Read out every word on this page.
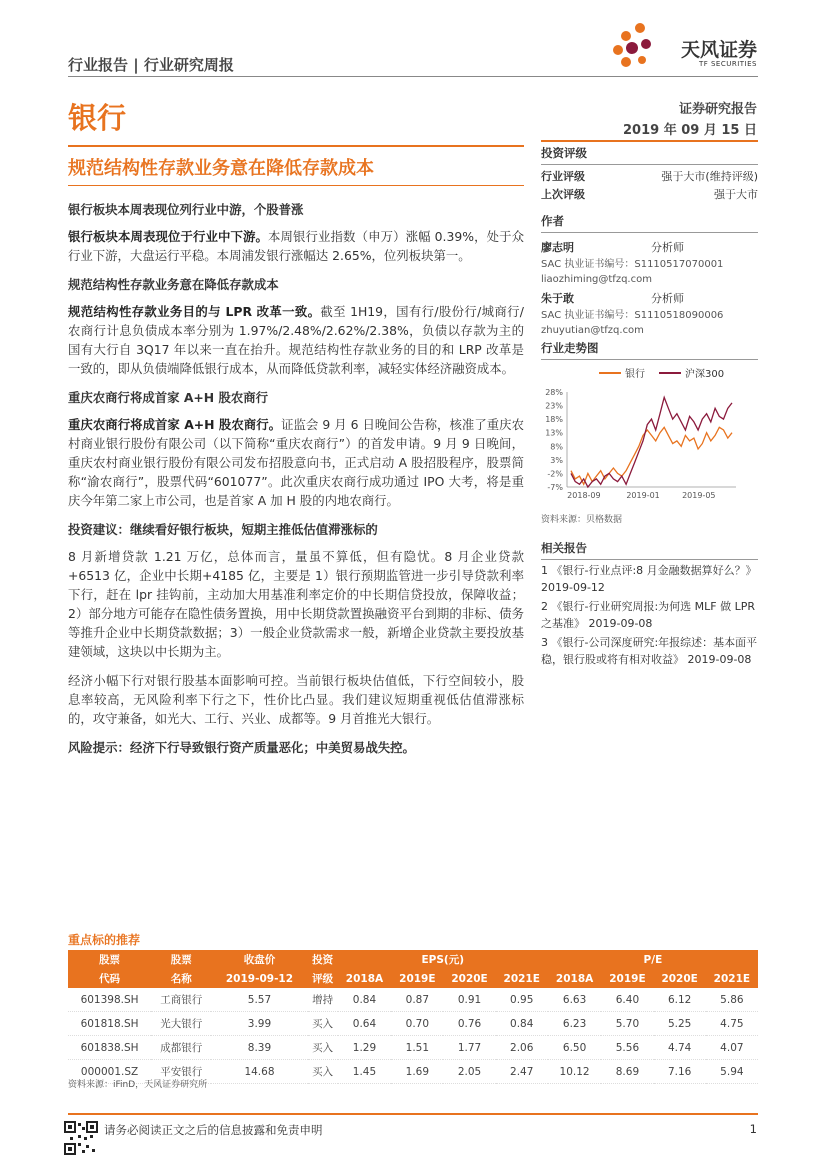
行业报告 | 行业研究周报
天风证券
TF SECURITIES
银行	证券研究报告
2019 年 09 月 15 日
规范结构性存款业务意在降低存款成本

银行板块本周表现位列行业中游，个股普涨

银行板块本周表现位于行业中下游。本周银行业指数（申万）涨幅 0.39%，处于众行业下游，大盘运行平稳。本周浦发银行涨幅达 2.65%，位列板块第一。

规范结构性存款业务意在降低存款成本

规范结构性存款业务目的与 LPR 改革一致。截至 1H19，国有行/股份行/城商行/农商行计息负债成本率分别为 1.97%/2.48%/2.62%/2.38%，负债以存款为主的国有大行自 3Q17 年以来一直在抬升。规范结构性存款业务的目的和 LRP 改革是一致的，即从负债端降低银行成本，从而降低贷款利率，减轻实体经济融资成本。

重庆农商行将成首家 A+H 股农商行

重庆农商行将成首家 A+H 股农商行。证监会 9 月 6 日晚间公告称，核准了重庆农村商业银行股份有限公司（以下简称“重庆农商行”）的首发申请。9 月 9 日晚间，重庆农村商业银行股份有限公司发布招股意向书，正式启动 A 股招股程序，股票简称“渝农商行”，股票代码“601077”。此次重庆农商行成功通过 IPO 大考，将是重庆今年第二家上市公司，也是首家 A 加 H 股的内地农商行。

投资建议：继续看好银行板块，短期主推低估值滞涨标的

8 月新增贷款 1.21 万亿，总体而言，量虽不算低，但有隐忧。8 月企业贷款+6513 亿，企业中长期+4185 亿，主要是 1）银行预期监管进一步引导贷款利率下行，赶在 lpr 挂钩前，主动加大用基准利率定价的中长期信贷投放，保障收益；2）部分地方可能存在隐性债务置换，用中长期贷款置换融资平台到期的非标、债务等推升企业中长期贷款数据；3）一般企业贷款需求一般，新增企业贷款主要投放基建领域，这块以中长期为主。

经济小幅下行对银行股基本面影响可控。当前银行板块估值低，下行空间较小，股息率较高，无风险利率下行之下，性价比凸显。我们建议短期重视低估值滞涨标的，攻守兼备，如光大、工行、兴业、成都等。9 月首推光大银行。

风险提示：经济下行导致银行资产质量恶化；中美贸易战失控。

投资评级
行业评级	强于大市(维持评级)
上次评级	强于大市
作者
廖志明	分析师
SAC 执业证书编号：S1110517070001
liaozhiming@tfzq.com
朱于敢	分析师
SAC 执业证书编号：S1110518090006
zhuyutian@tfzq.com
行业走势图
银行	沪深300
28%
23%
18%
13%
8%
3%
-2%
-7%
2018-09	2019-01	2019-05
资料来源：贝格数据
相关报告
1 《银行-行业点评:8 月金融数据算好么？》 2019-09-12
2 《银行-行业研究周报:为何选 MLF 做 LPR 之基准》 2019-09-08
3 《银行-公司深度研究:年报综述：基本面平稳，银行股或将有相对收益》 2019-09-08
重点标的推荐
股票	股票	收盘价	投资	EPS(元)				P/E			
代码	名称	2019-09-12	评级	2018A	2019E	2020E	2021E	2018A	2019E	2020E	2021E
601398.SH	工商银行	5.57	增持	0.84	0.87	0.91	0.95	6.63	6.40	6.12	5.86
601818.SH	光大银行	3.99	买入	0.64	0.70	0.76	0.84	6.23	5.70	5.25	4.75
601838.SH	成都银行	8.39	买入	1.29	1.51	1.77	2.06	6.50	5.56	4.74	4.07
000001.SZ	平安银行	14.68	买入	1.45	1.69	2.05	2.47	10.12	8.69	7.16	5.94
资料来源：iFinD，天风证券研究所
请务必阅读正文之后的信息披露和免责申明	1
